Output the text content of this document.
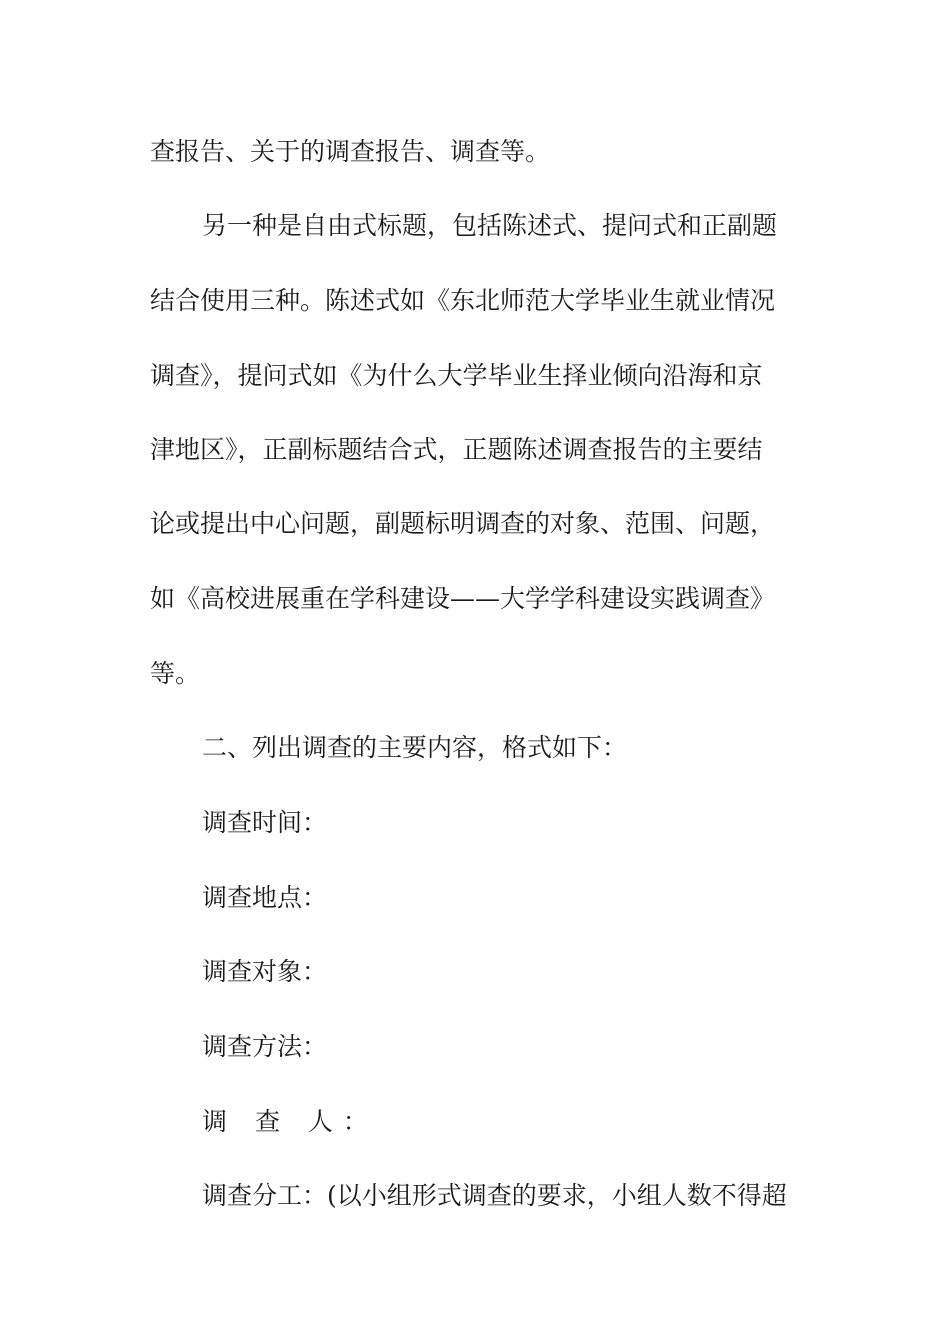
查报告、关于的调查报告、调查等。
另一种是自由式标题，包括陈述式、提问式和正副题
结合使用三种。陈述式如《东北师范大学毕业生就业情况
调查》，提问式如《为什么大学毕业生择业倾向沿海和京
津地区》，正副标题结合式，正题陈述调查报告的主要结
论或提出中心问题，副题标明调查的对象、范围、问题，
如《高校进展重在学科建设——大学学科建设实践调查》
等。
二、列出调查的主要内容，格式如下：
调查时间：
调查地点：
调查对象：
调查方法：
调 查 人：
调查分工：(以小组形式调查的要求，小组人数不得超
